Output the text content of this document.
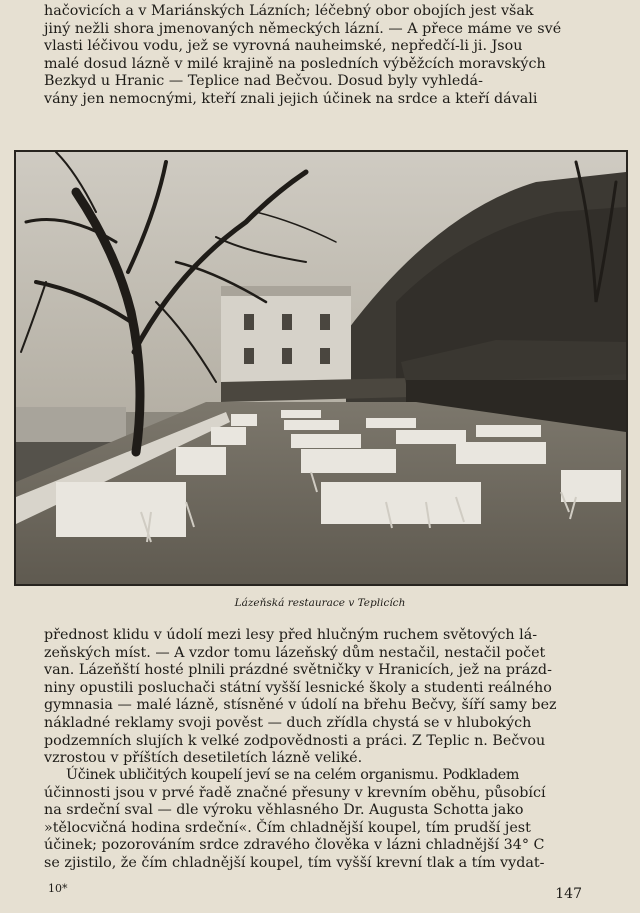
hačovicích a v Mariánských Lázních; léčebný obor obojích jest však
jiný nežli shora jmenovaných německých lázní. — A přece máme ve své
vlasti léčivou vodu, jež se vyrovná nauheimské, nepředčí-li ji. Jsou
malé dosud lázně v milé krajině na posledních výběžcích moravských
Bezkyd u Hranic — Teplice nad Bečvou. Dosud byly vyhledá-
vány jen nemocnými, kteří znali jejich účinek na srdce a kteří dávali
Lázeňská restaurace v Teplicích
přednost klidu v údolí mezi lesy před hlučným ruchem světových lá-
zeňských míst. — A vzdor tomu lázeňský dům nestačil, nestačil počet
van. Lázeňští hosté plnili prázdné světničky v Hranicích, jež na prázd-
niny opustili posluchači státní vyšší lesnické školy a studenti reálného
gymnasia — malé lázně, stísněné v údolí na břehu Bečvy, šíří samy bez
nákladné reklamy svoji pověst — duch zřídla chystá se v hlubokých
podzemních slujích k velké zodpovědnosti a práci. Z Teplic n. Bečvou
vzrostou v příštích desetiletích lázně veliké.
Účinek ubličitých koupelí jeví se na celém organismu. Podkladem
účinnosti jsou v prvé řadě značné přesuny v krevním oběhu, působící
na srdeční sval — dle výroku věhlasného Dr. Augusta Schotta jako
»tělocvičná hodina srdeční«. Čím chladnější koupel, tím prudší jest
účinek; pozorováním srdce zdravého člověka v lázni chladnější 34° C
se zjistilo, že čím chladnější koupel, tím vyšší krevní tlak a tím vydat-
10*	147
